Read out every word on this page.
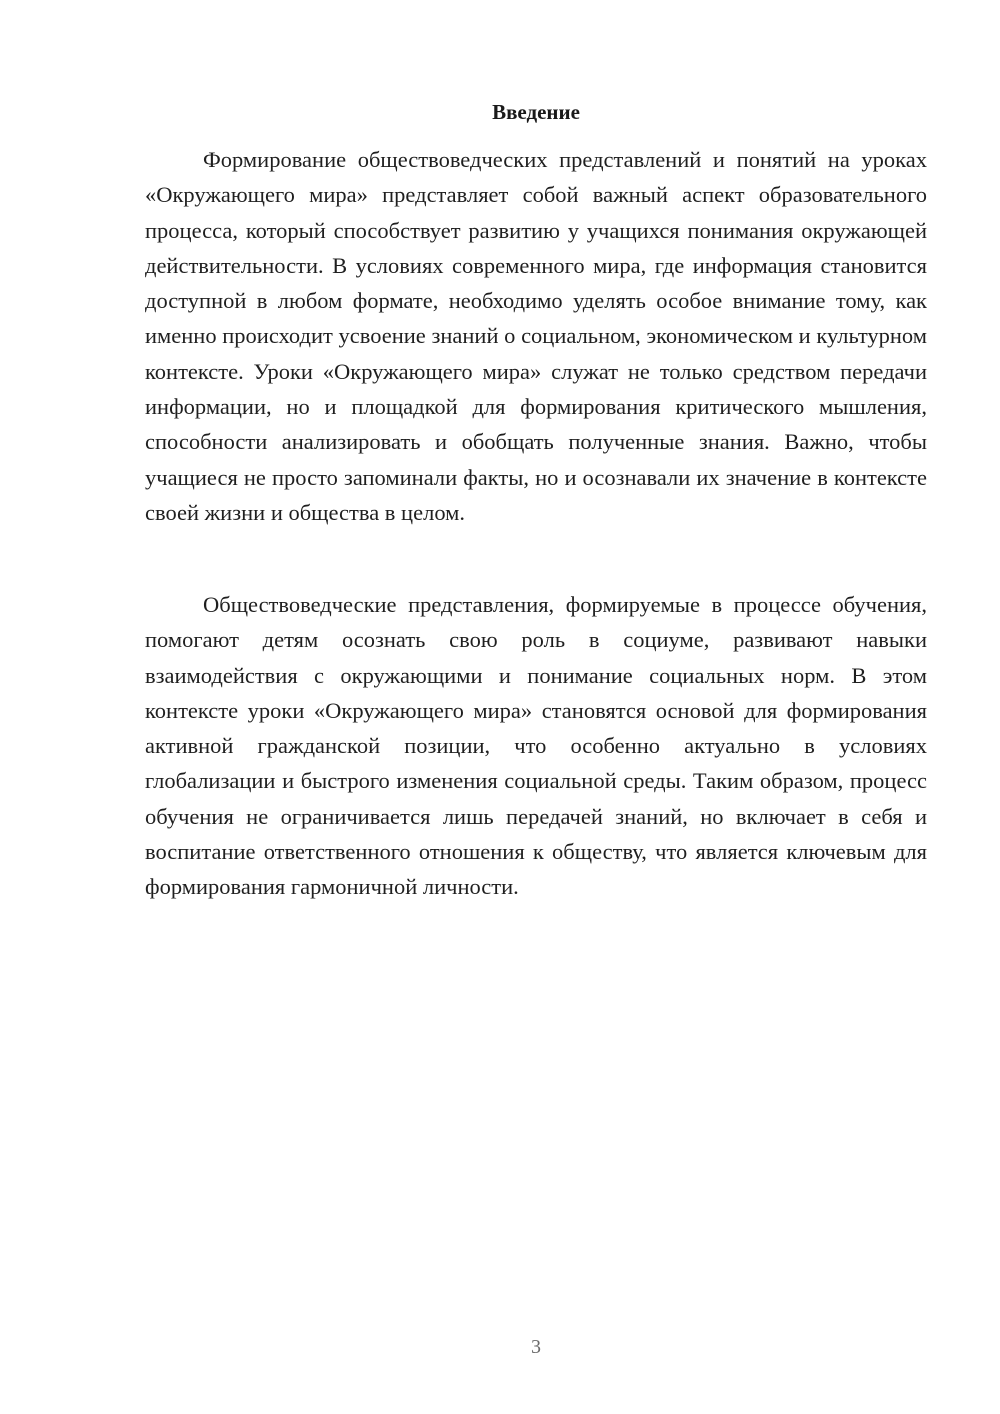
Введение

Формирование обществоведческих представлений и понятий на уроках «Окружающего мира» представляет собой важный аспект образовательного процесса, который способствует развитию у учащихся понимания окружающей действительности. В условиях современного мира, где информация становится доступной в любом формате, необходимо уделять особое внимание тому, как именно происходит усвоение знаний о социальном, экономическом и культурном контексте. Уроки «Окружающего мира» служат не только средством передачи информации, но и площадкой для формирования критического мышления, способности анализировать и обобщать полученные знания. Важно, чтобы учащиеся не просто запоминали факты, но и осознавали их значение в контексте своей жизни и общества в целом.

Обществоведческие представления, формируемые в процессе обучения, помогают детям осознать свою роль в социуме, развивают навыки взаимодействия с окружающими и понимание социальных норм. В этом контексте уроки «Окружающего мира» становятся основой для формирования активной гражданской позиции, что особенно актуально в условиях глобализации и быстрого изменения социальной среды. Таким образом, процесс обучения не ограничивается лишь передачей знаний, но включает в себя и воспитание ответственного отношения к обществу, что является ключевым для формирования гармоничной личности.

3
